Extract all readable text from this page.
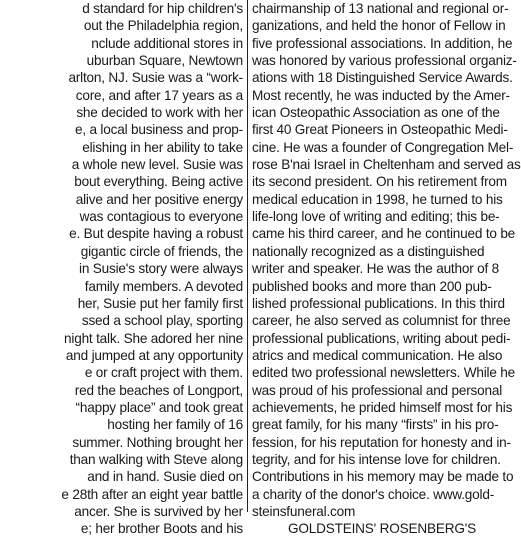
d standard for hip children's
out the Philadelphia region,
nclude additional stores in
uburban Square, Newtown
arlton, NJ. Susie was a “work-
core, and after 17 years as a
she decided to work with her
e, a local business and prop-
elishing in her ability to take
a whole new level. Susie was
bout everything. Being active
alive and her positive energy
was contagious to everyone
e. But despite having a robust
gigantic circle of friends, the
in Susie's story were always
family members. A devoted
her, Susie put her family first
ssed a school play, sporting
night talk. She adored her nine
and jumped at any opportunity
e or craft project with them.
red the beaches of Longport,
“happy place” and took great
hosting her family of 16
summer. Nothing brought her
than walking with Steve along
and in hand. Susie died on
e 28th after an eight year battle
ancer. She is survived by her
e; her brother Boots and his
chairmanship of 13 national and regional or-
ganizations, and held the honor of Fellow in
five professional associations. In addition, he
was honored by various professional organiz-
ations with 18 Distinguished Service Awards.
Most recently, he was inducted by the Amer-
ican Osteopathic Association as one of the
first 40 Great Pioneers in Osteopathic Medi-
cine. He was a founder of Congregation Mel-
rose B'nai Israel in Cheltenham and served as
its second president. On his retirement from
medical education in 1998, he turned to his
life-long love of writing and editing; this be-
came his third career, and he continued to be
nationally recognized as a distinguished
writer and speaker. He was the author of 8
published books and more than 200 pub-
lished professional publications. In this third
career, he also served as columnist for three
professional publications, writing about pedi-
atrics and medical communication. He also
edited two professional newsletters. While he
was proud of his professional and personal
achievements, he prided himself most for his
great family, for his many “firsts” in his pro-
fession, for his reputation for honesty and in-
tegrity, and for his intense love for children.
Contributions in his memory may be made to
a charity of the donor's choice. www.gold-
steinsfuneral.com
GOLDSTEINS' ROSENBERG'S
